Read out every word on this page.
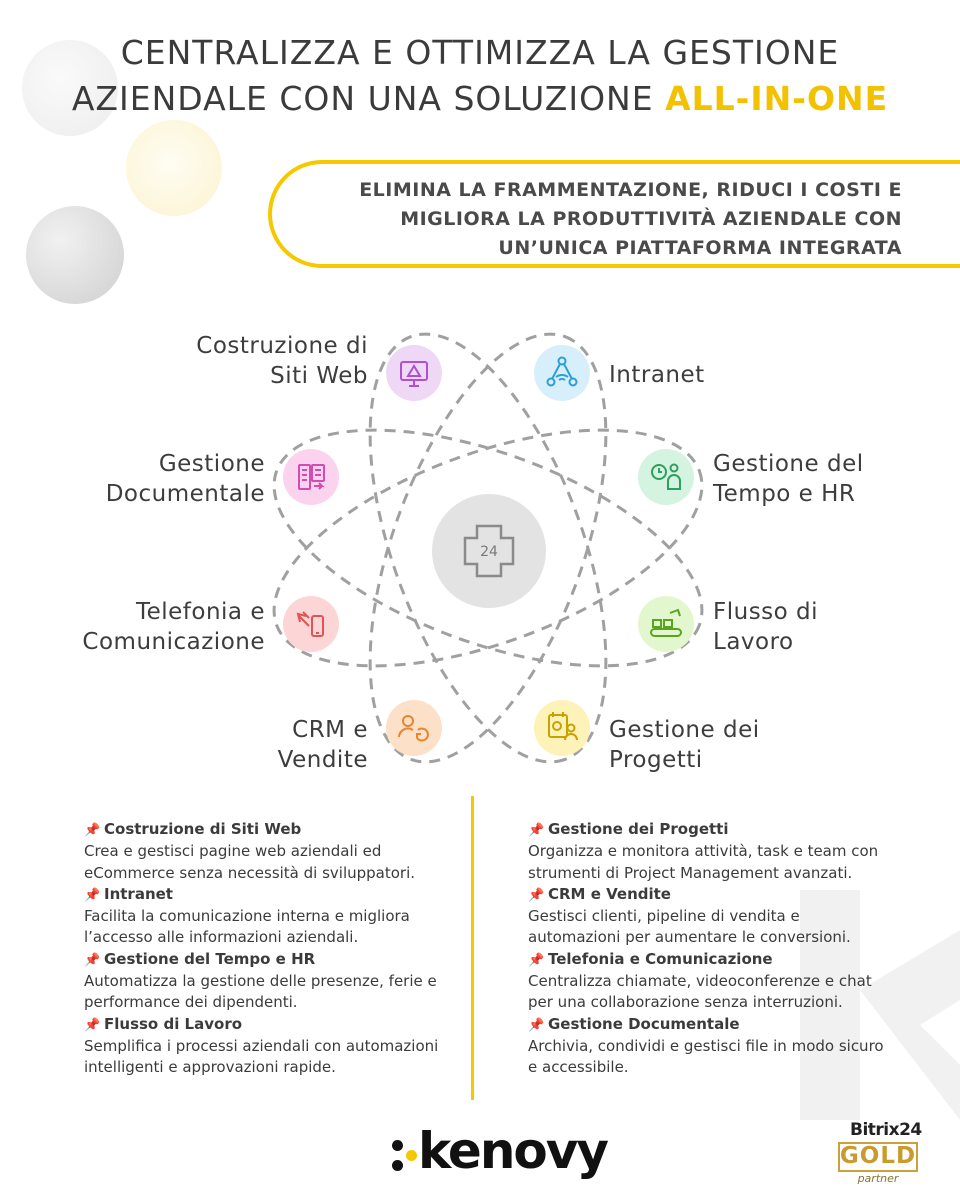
CENTRALIZZA E OTTIMIZZA LA GESTIONE
AZIENDALE CON UNA SOLUZIONE ALL-IN-ONE
ELIMINA LA FRAMMENTAZIONE, RIDUCI I COSTI E
MIGLIORA LA PRODUTTIVITÀ AZIENDALE CON
UN’UNICA PIATTAFORMA INTEGRATA
24
Costruzione di
Siti Web	Intranet
Gestione
Documentale
Gestione del
Tempo e HR
Telefonia e
Comunicazione
Flusso di
Lavoro
CRM e
Vendite
Gestione dei
Progetti
📌 Costruzione di Siti Web
Crea e gestisci pagine web aziendali ed eCommerce senza necessità di sviluppatori.
📌 Intranet
Facilita la comunicazione interna e migliora l’accesso alle informazioni aziendali.
📌 Gestione del Tempo e HR
Automatizza la gestione delle presenze, ferie e performance dei dipendenti.
📌 Flusso di Lavoro
Semplifica i processi aziendali con automazioni intelligenti e approvazioni rapide.
📌 Gestione dei Progetti
Organizza e monitora attività, task e team con strumenti di Project Management avanzati.
📌 CRM e Vendite
Gestisci clienti, pipeline di vendita e automazioni per aumentare le conversioni.
📌 Telefonia e Comunicazione
Centralizza chiamate, videoconferenze e chat per una collaborazione senza interruzioni.
📌 Gestione Documentale
Archivia, condividi e gestisci file in modo sicuro e accessibile.
kenovy	Bitrix24
GOLD
partner
